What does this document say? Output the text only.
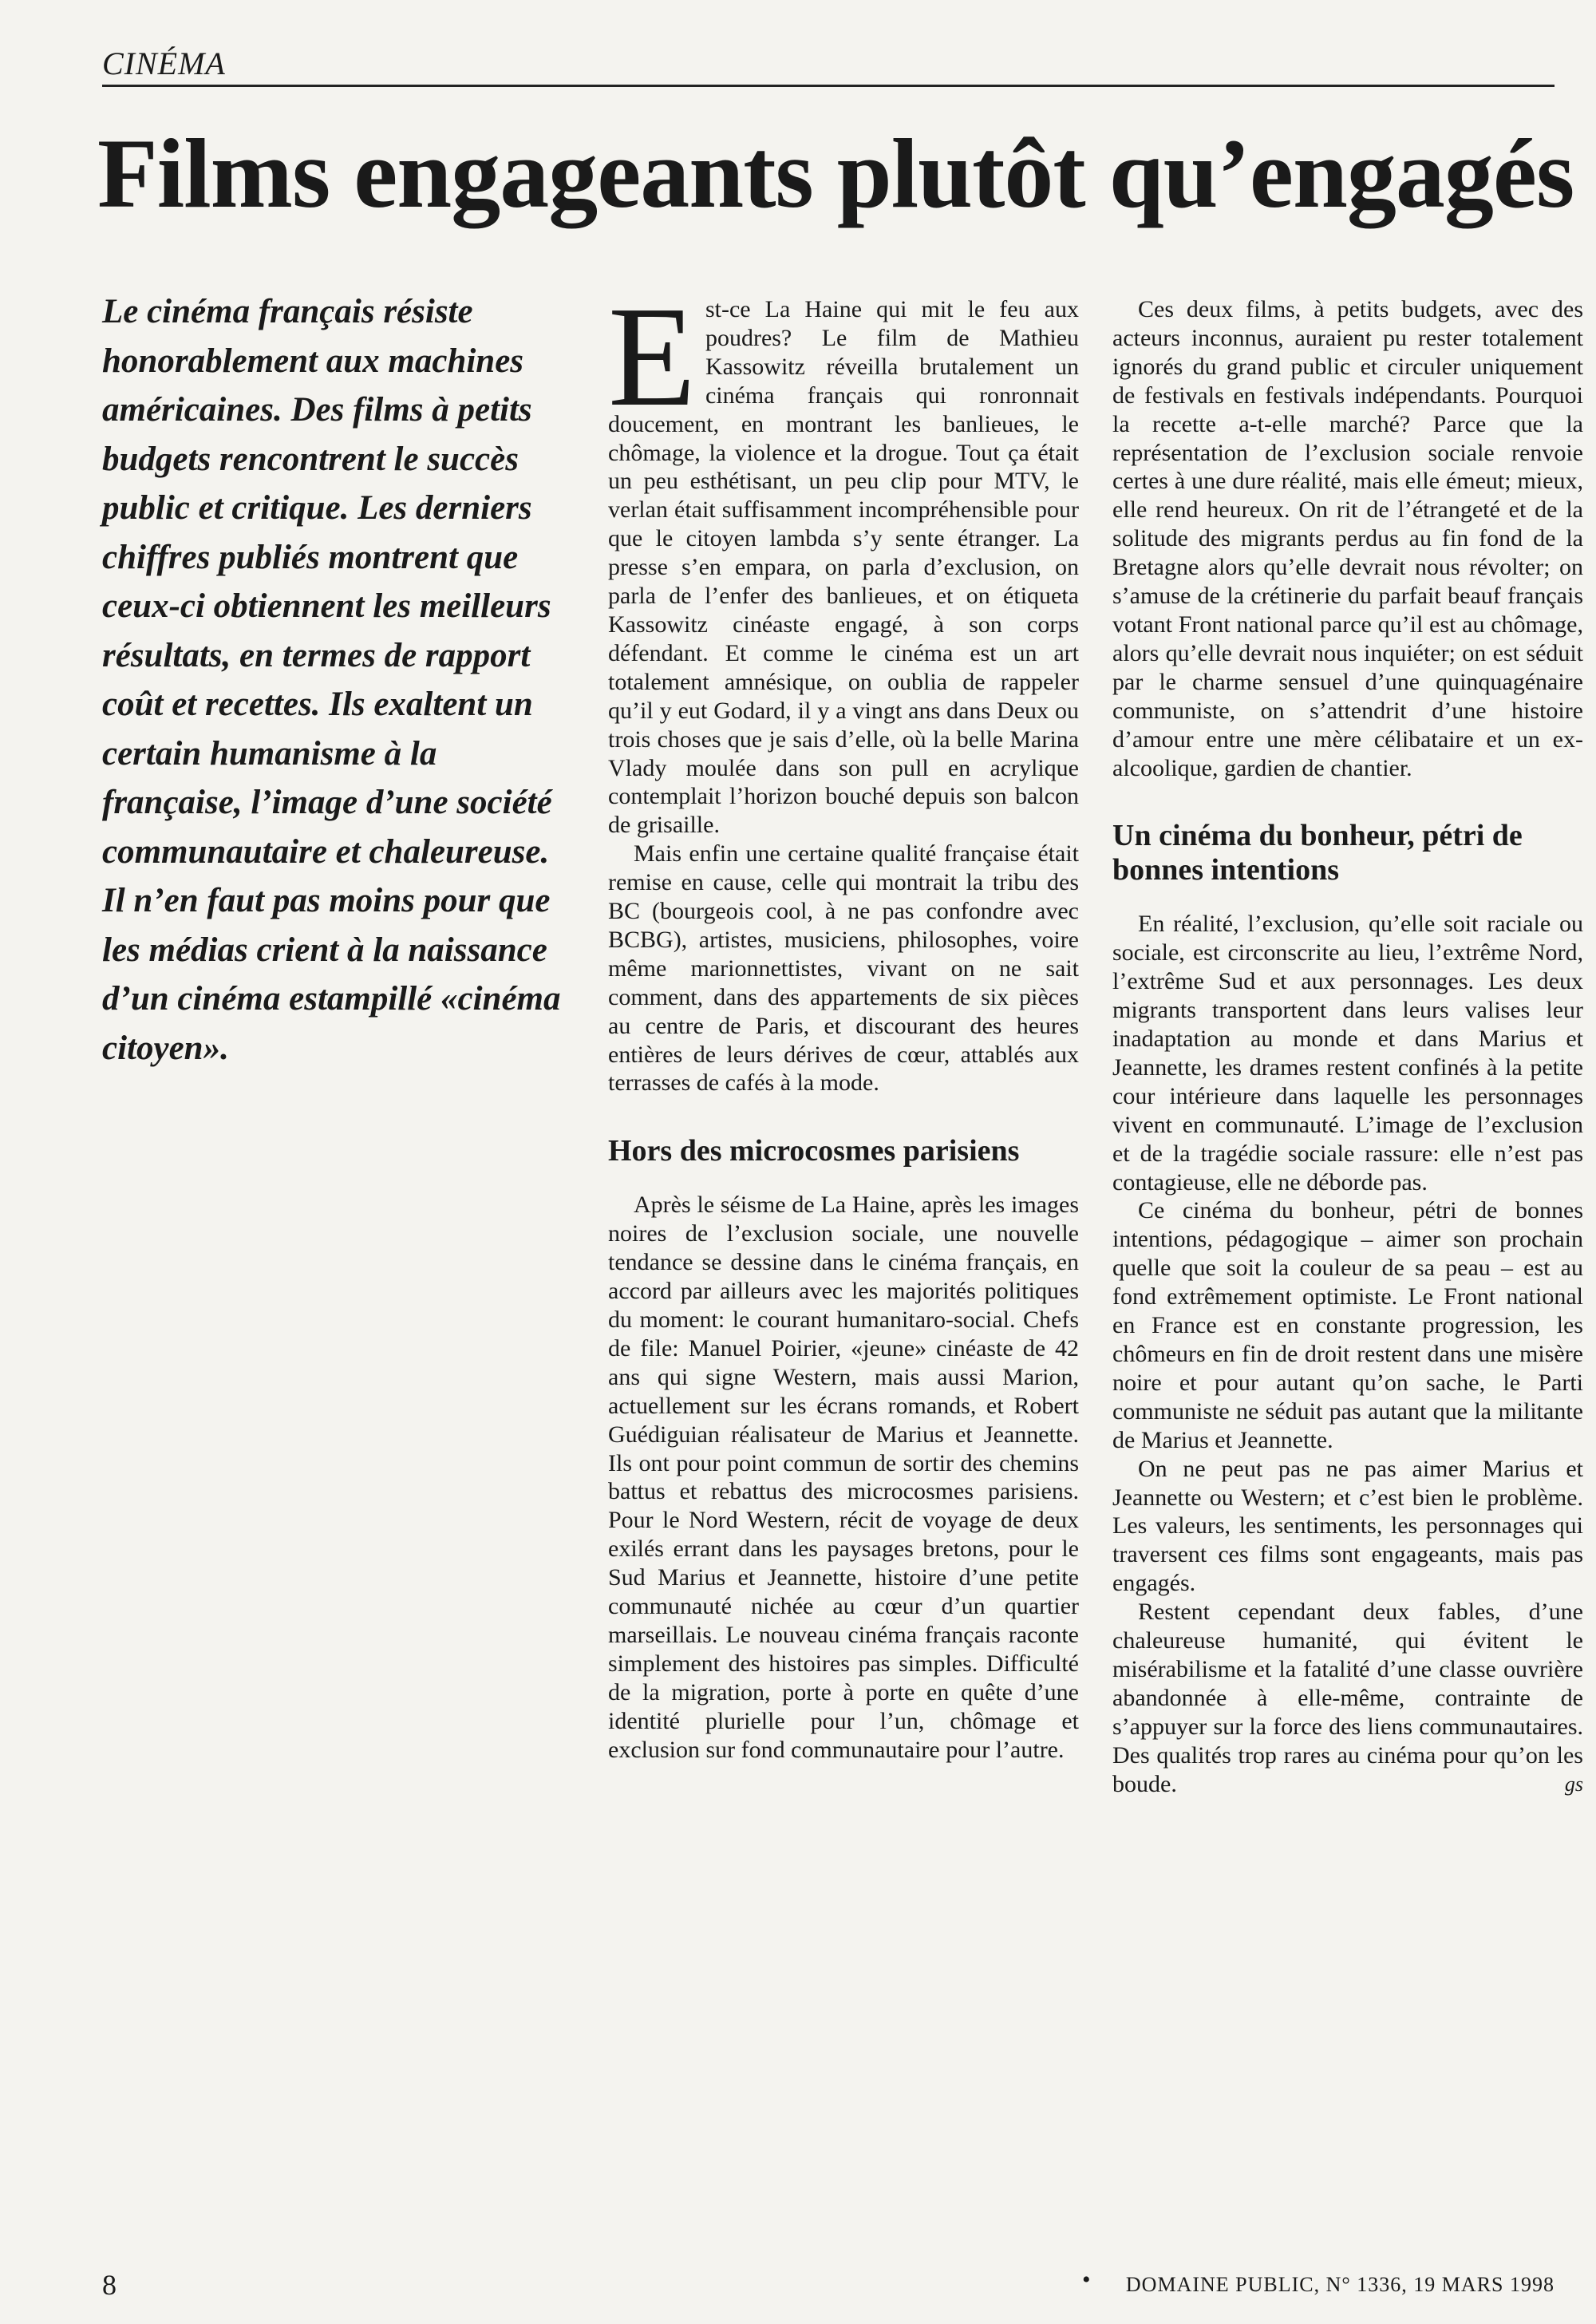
CINÉMA
Films engageants plutôt qu’engagés
Le cinéma français résiste honorablement aux machines américaines. Des films à petits budgets rencontrent le succès public et critique. Les derniers chiffres publiés montrent que ceux-ci obtiennent les meilleurs résultats, en termes de rapport coût et recettes. Ils exaltent un certain humanisme à la française, l’image d’une société communautaire et chaleureuse. Il n’en faut pas moins pour que les médias crient à la naissance d’un cinéma estampillé «cinéma citoyen».

Est-ce La Haine qui mit le feu aux poudres? Le film de Mathieu Kassowitz réveilla brutalement un cinéma français qui ronronnait doucement, en montrant les banlieues, le chômage, la violence et la drogue. Tout ça était un peu esthétisant, un peu clip pour MTV, le verlan était suffisamment incompréhensible pour que le citoyen lambda s’y sente étranger. La presse s’en empara, on parla d’exclusion, on parla de l’enfer des banlieues, et on étiqueta Kassowitz cinéaste engagé, à son corps défendant. Et comme le cinéma est un art totalement amnésique, on oublia de rappeler qu’il y eut Godard, il y a vingt ans dans Deux ou trois choses que je sais d’elle, où la belle Marina Vlady moulée dans son pull en acrylique contemplait l’horizon bouché depuis son balcon de grisaille.

Mais enfin une certaine qualité française était remise en cause, celle qui montrait la tribu des BC (bourgeois cool, à ne pas confondre avec BCBG), artistes, musiciens, philosophes, voire même marionnettistes, vivant on ne sait comment, dans des appartements de six pièces au centre de Paris, et discourant des heures entières de leurs dérives de cœur, attablés aux terrasses de cafés à la mode.

Hors des microcosmes parisiens

Après le séisme de La Haine, après les images noires de l’exclusion sociale, une nouvelle tendance se dessine dans le cinéma français, en accord par ailleurs avec les majorités politiques du moment: le courant humanitaro-social. Chefs de file: Manuel Poirier, «jeune» cinéaste de 42 ans qui signe Western, mais aussi Marion, actuellement sur les écrans romands, et Robert Guédiguian réalisateur de Marius et Jeannette. Ils ont pour point commun de sortir des chemins battus et rebattus des microcosmes parisiens. Pour le Nord Western, récit de voyage de deux exilés errant dans les paysages bretons, pour le Sud Marius et Jeannette, histoire d’une petite communauté nichée au cœur d’un quartier marseillais. Le nouveau cinéma français raconte simplement des histoires pas simples. Difficulté de la migration, porte à porte en quête d’une identité plurielle pour l’un, chômage et exclusion sur fond communautaire pour l’autre.

Ces deux films, à petits budgets, avec des acteurs inconnus, auraient pu rester totalement ignorés du grand public et circuler uniquement de festivals en festivals indépendants. Pourquoi la recette a-t-elle marché? Parce que la représentation de l’exclusion sociale renvoie certes à une dure réalité, mais elle émeut; mieux, elle rend heureux. On rit de l’étrangeté et de la solitude des migrants perdus au fin fond de la Bretagne alors qu’elle devrait nous révolter; on s’amuse de la crétinerie du parfait beauf français votant Front national parce qu’il est au chômage, alors qu’elle devrait nous inquiéter; on est séduit par le charme sensuel d’une quinquagénaire communiste, on s’attendrit d’une histoire d’amour entre une mère célibataire et un ex-alcoolique, gardien de chantier.

Un cinéma du bonheur, pétri de bonnes intentions

En réalité, l’exclusion, qu’elle soit raciale ou sociale, est circonscrite au lieu, l’extrême Nord, l’extrême Sud et aux personnages. Les deux migrants transportent dans leurs valises leur inadaptation au monde et dans Marius et Jeannette, les drames restent confinés à la petite cour intérieure dans laquelle les personnages vivent en communauté. L’image de l’exclusion et de la tragédie sociale rassure: elle n’est pas contagieuse, elle ne déborde pas.

Ce cinéma du bonheur, pétri de bonnes intentions, pédagogique – aimer son prochain quelle que soit la couleur de sa peau – est au fond extrêmement optimiste. Le Front national en France est en constante progression, les chômeurs en fin de droit restent dans une misère noire et pour autant qu’on sache, le Parti communiste ne séduit pas autant que la militante de Marius et Jeannette.

On ne peut pas ne pas aimer Marius et Jeannette ou Western; et c’est bien le problème. Les valeurs, les sentiments, les personnages qui traversent ces films sont engageants, mais pas engagés.

Restent cependant deux fables, d’une chaleureuse humanité, qui évitent le misérabilisme et la fatalité d’une classe ouvrière abandonnée à elle-même, contrainte de s’appuyer sur la force des liens communautaires. Des qualités trop rares au cinéma pour qu’on les boude.	gs

8	• DOMAINE PUBLIC, N° 1336, 19 MARS 1998
